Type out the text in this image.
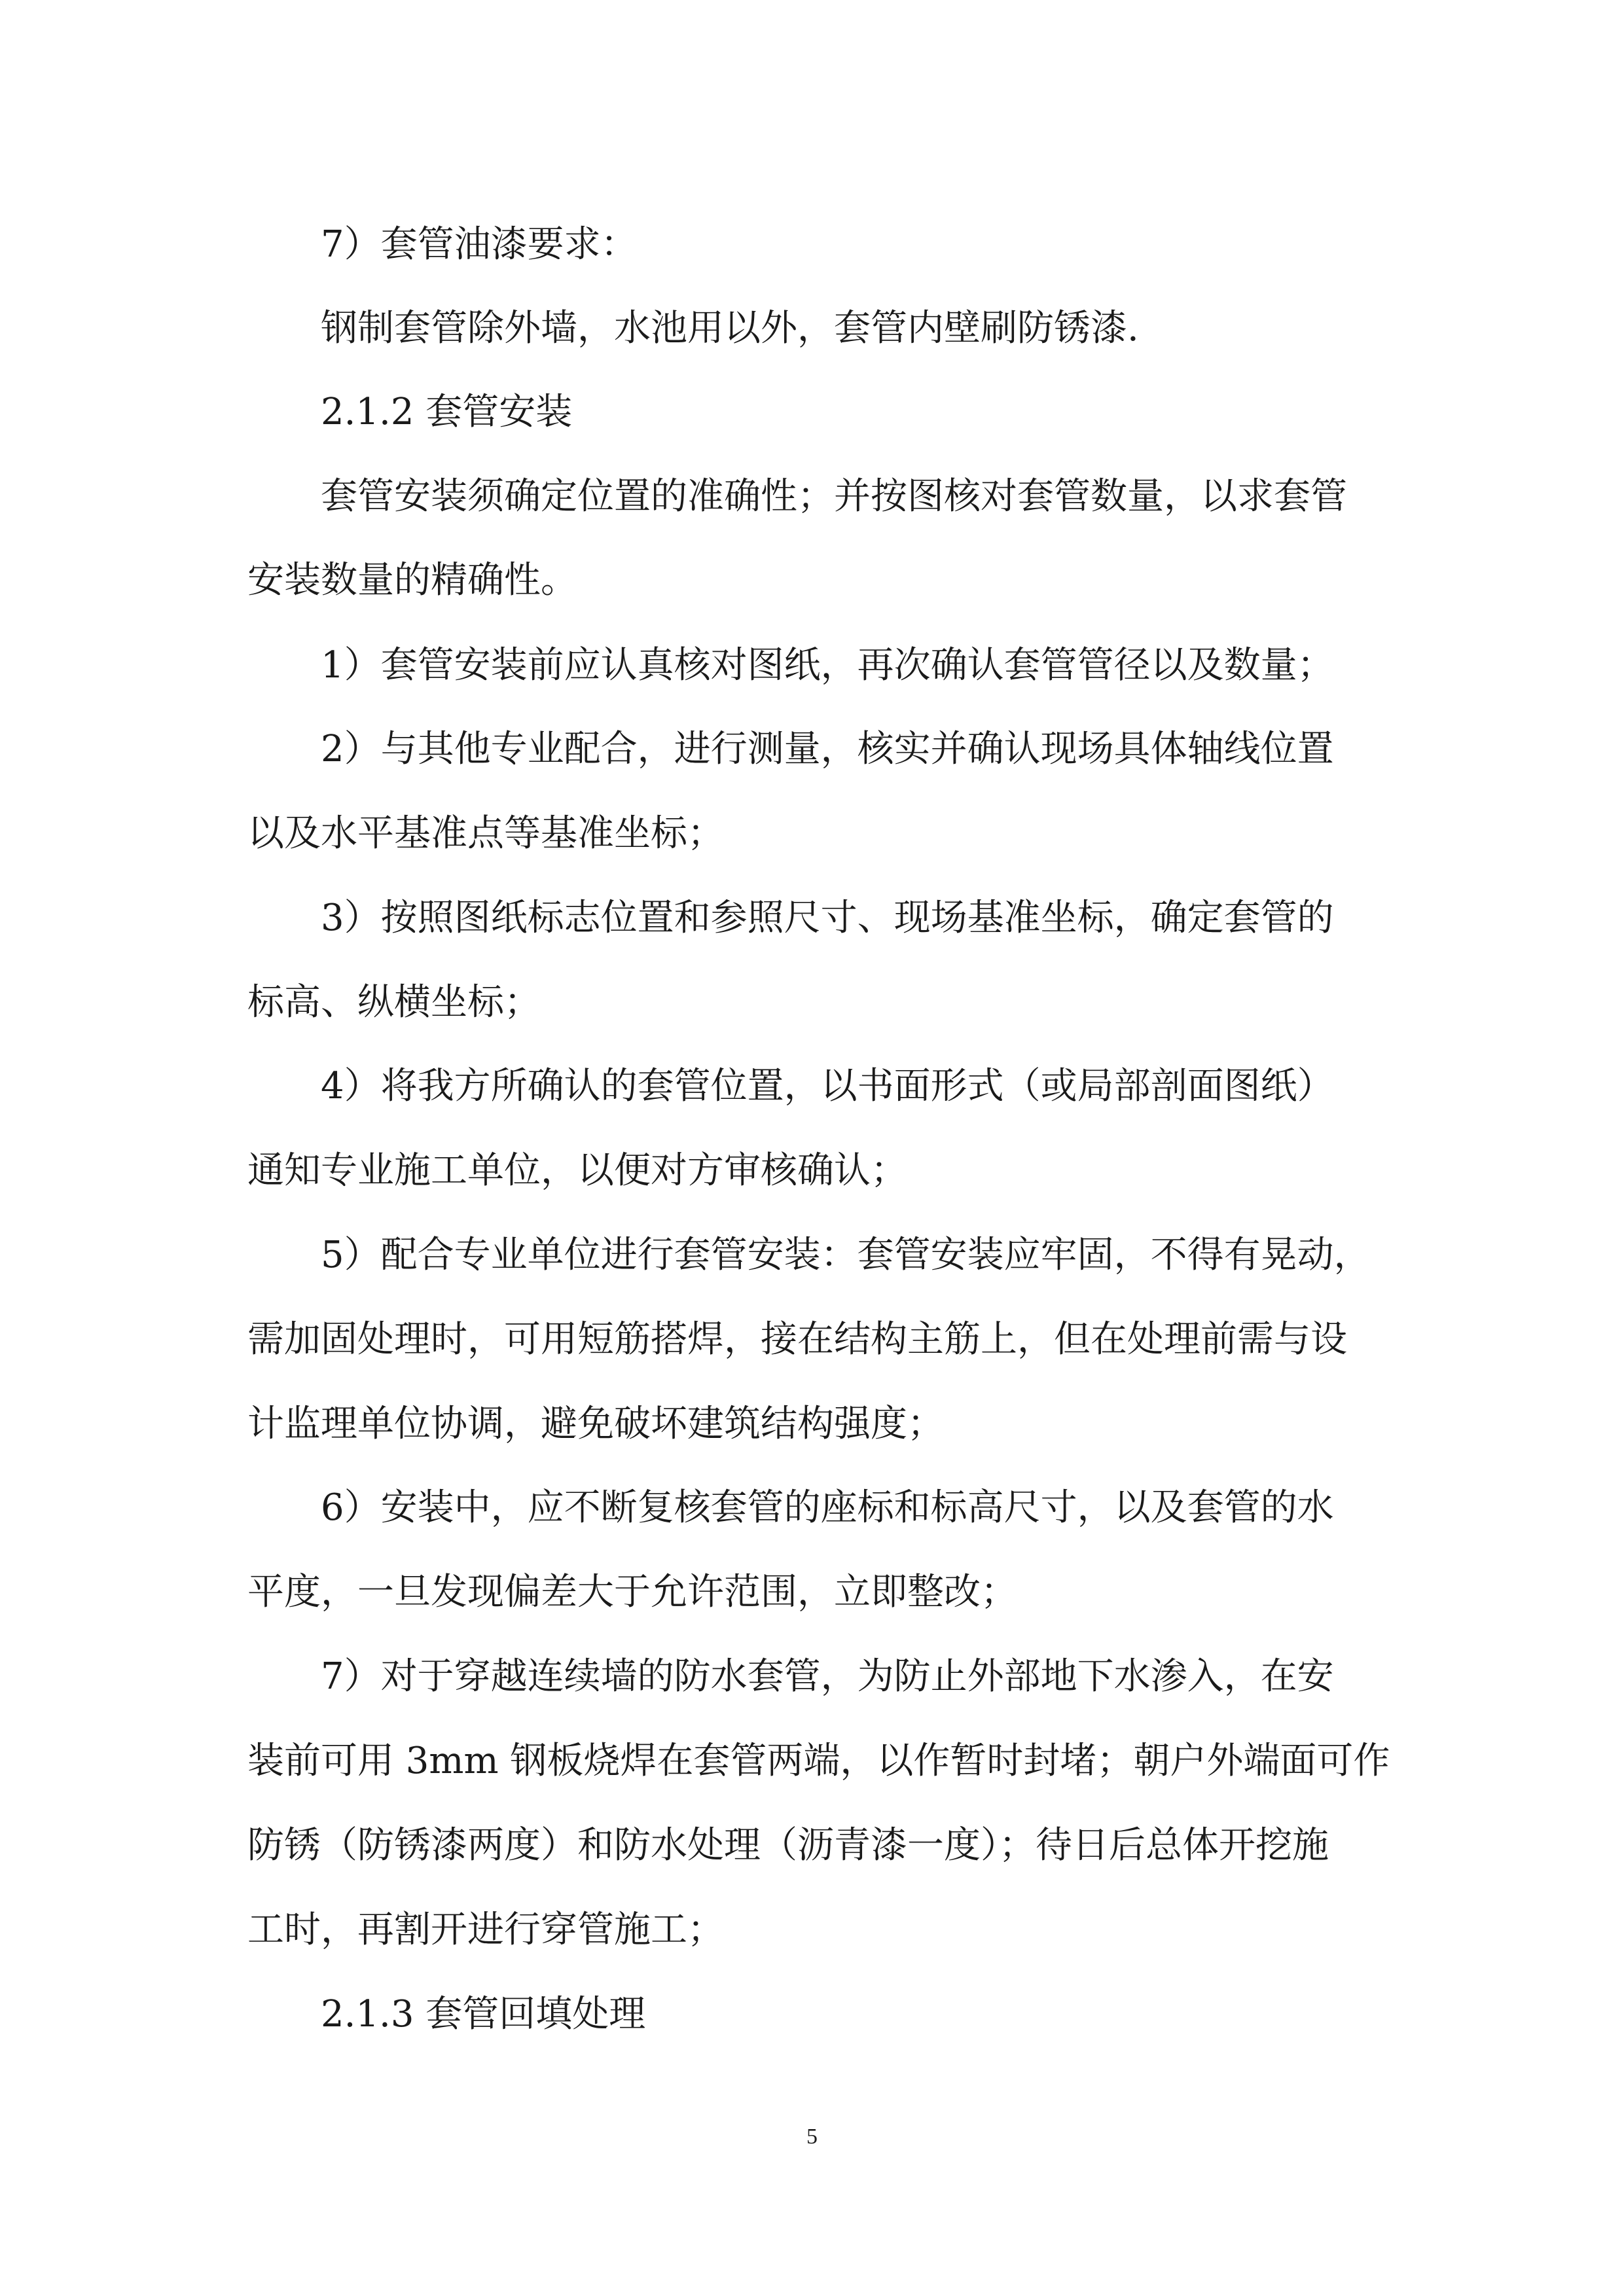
7）套管油漆要求：
钢制套管除外墙，水池用以外，套管内壁刷防锈漆.
2.1.2 套管安装
套管安装须确定位置的准确性；并按图核对套管数量，以求套管
安装数量的精确性。
1）套管安装前应认真核对图纸，再次确认套管管径以及数量；
2）与其他专业配合，进行测量，核实并确认现场具体轴线位置
以及水平基准点等基准坐标；
3）按照图纸标志位置和参照尺寸、现场基准坐标，确定套管的
标高、纵横坐标；
4）将我方所确认的套管位置，以书面形式（或局部剖面图纸）
通知专业施工单位，以便对方审核确认；
5）配合专业单位进行套管安装：套管安装应牢固，不得有晃动，
需加固处理时，可用短筋搭焊，接在结构主筋上，但在处理前需与设
计监理单位协调，避免破坏建筑结构强度；
6）安装中，应不断复核套管的座标和标高尺寸，以及套管的水
平度，一旦发现偏差大于允许范围，立即整改；
7）对于穿越连续墙的防水套管，为防止外部地下水渗入，在安
装前可用 3mm 钢板烧焊在套管两端，以作暂时封堵；朝户外端面可作
防锈（防锈漆两度）和防水处理（沥青漆一度）；待日后总体开挖施
工时，再割开进行穿管施工；
2.1.3 套管回填处理
5
